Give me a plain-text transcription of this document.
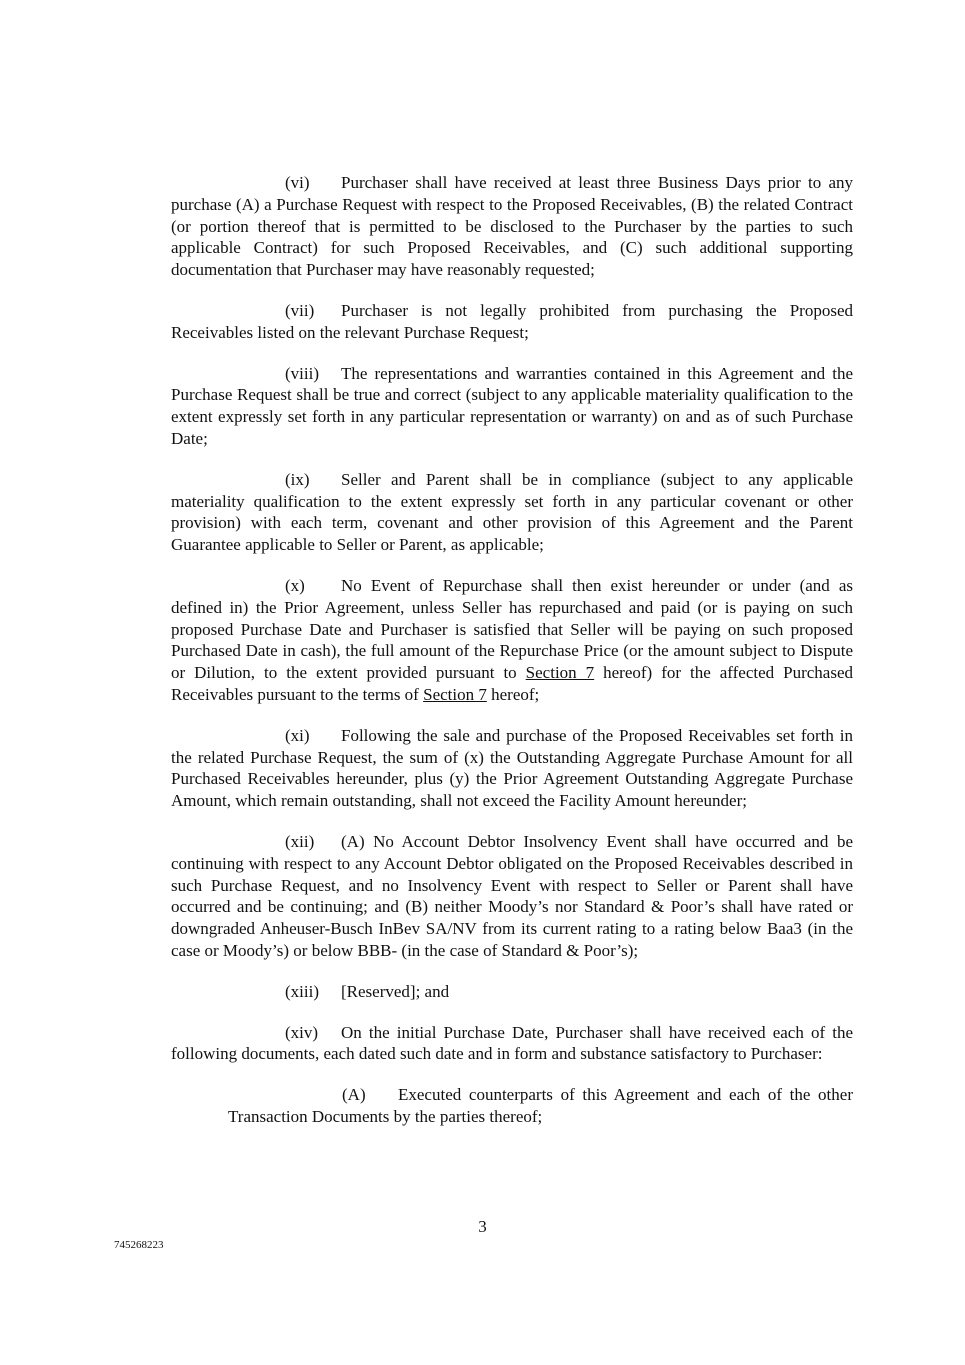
(vi) Purchaser shall have received at least three Business Days prior to any purchase (A) a Purchase Request with respect to the Proposed Receivables, (B) the related Contract (or portion thereof that is permitted to be disclosed to the Purchaser by the parties to such applicable Contract) for such Proposed Receivables, and (C) such additional supporting documentation that Purchaser may have reasonably requested;

(vii) Purchaser is not legally prohibited from purchasing the Proposed Receivables listed on the relevant Purchase Request;

(viii) The representations and warranties contained in this Agreement and the Purchase Request shall be true and correct (subject to any applicable materiality qualification to the extent expressly set forth in any particular representation or warranty) on and as of such Purchase Date;

(ix) Seller and Parent shall be in compliance (subject to any applicable materiality qualification to the extent expressly set forth in any particular covenant or other provision) with each term, covenant and other provision of this Agreement and the Parent Guarantee applicable to Seller or Parent, as applicable;

(x) No Event of Repurchase shall then exist hereunder or under (and as defined in) the Prior Agreement, unless Seller has repurchased and paid (or is paying on such proposed Purchase Date and Purchaser is satisfied that Seller will be paying on such proposed Purchased Date in cash), the full amount of the Repurchase Price (or the amount subject to Dispute or Dilution, to the extent provided pursuant to Section 7 hereof) for the affected Purchased Receivables pursuant to the terms of Section 7 hereof;

(xi) Following the sale and purchase of the Proposed Receivables set forth in the related Purchase Request, the sum of (x) the Outstanding Aggregate Purchase Amount for all Purchased Receivables hereunder, plus (y) the Prior Agreement Outstanding Aggregate Purchase Amount, which remain outstanding, shall not exceed the Facility Amount hereunder;

(xii) (A) No Account Debtor Insolvency Event shall have occurred and be continuing with respect to any Account Debtor obligated on the Proposed Receivables described in such Purchase Request, and no Insolvency Event with respect to Seller or Parent shall have occurred and be continuing; and (B) neither Moody’s nor Standard & Poor’s shall have rated or downgraded Anheuser-Busch InBev SA/NV from its current rating to a rating below Baa3 (in the case or Moody’s) or below BBB- (in the case of Standard & Poor’s);

(xiii) [Reserved]; and

(xiv) On the initial Purchase Date, Purchaser shall have received each of the following documents, each dated such date and in form and substance satisfactory to Purchaser:

(A) Executed counterparts of this Agreement and each of the other Transaction Documents by the parties thereof;

3
745268223
